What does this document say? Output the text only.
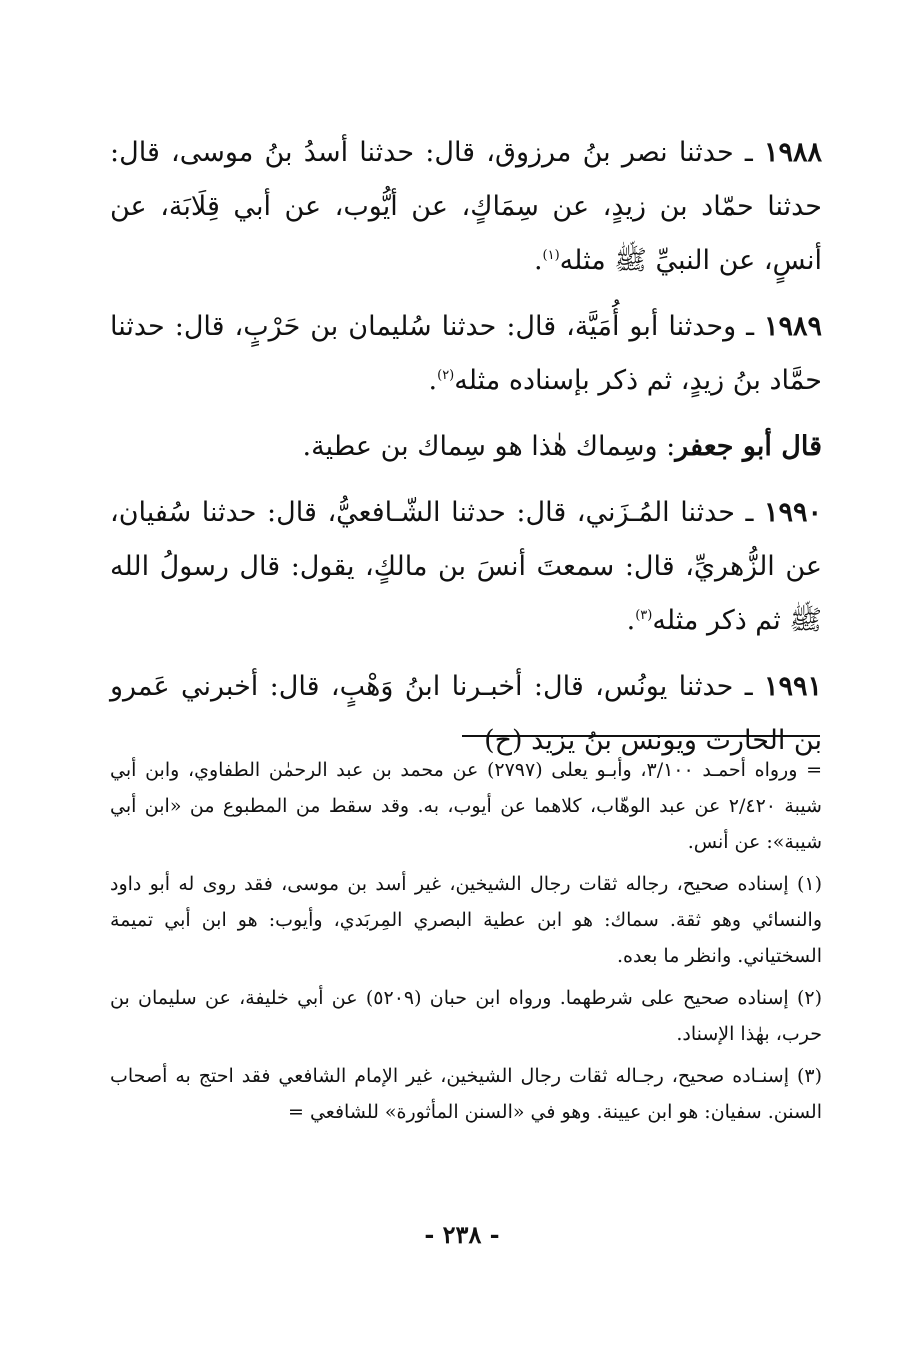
١٩٨٨ ـ حدثنا نصر بنُ مرزوق، قال: حدثنا أسدُ بنُ موسى، قال: حدثنا حمّاد بن زيدٍ، عن سِمَاكٍ، عن أيُّوب، عن أبي قِلَابَة، عن أنسٍ، عن النبيِّ ﷺ مثله$^{(١)}$.

١٩٨٩ ـ وحدثنا أبو أُمَيَّة، قال: حدثنا سُليمان بن حَرْبٍ، قال: حدثنا حمَّاد بنُ زيدٍ، ثم ذكر بإسناده مثله$^{(٢)}$.

قال أبو جعفر: وسِماك هٰذا هو سِماك بن عطية.

١٩٩٠ ـ حدثنا المُـزَني، قال: حدثنا الشّـافعيُّ، قال: حدثنا سُفيان، عن الزُّهريِّ، قال: سمعتَ أنسَ بن مالكٍ، يقول: قال رسولُ الله ﷺ ثم ذكر مثله$^{(٣)}$.

١٩٩١ ـ حدثنا يونُس، قال: أخبـرنا ابنُ وَهْبٍ، قال: أخبرني عَمرو بن الحارث ويونس بنُ يزيد (ح)

= ورواه أحمـد ٣/١٠٠، وأبـو يعلى (٢٧٩٧) عن محمد بن عبد الرحمٰن الطفاوي، وابن أبي شيبة ٢/٤٢٠ عن عبد الوهّاب، كلاهما عن أيوب، به. وقد سقط من المطبوع من «ابن أبي شيبة»: عن أنس.

(١) إسناده صحيح، رجاله ثقات رجال الشيخين، غير أسد بن موسى، فقد روى له أبو داود والنسائي وهو ثقة. سماك: هو ابن عطية البصري المِربَدي، وأيوب: هو ابن أبي تميمة السختياني. وانظر ما بعده.

(٢) إسناده صحيح على شرطهما. ورواه ابن حبان (٥٢٠٩) عن أبي خليفة، عن سليمان بن حرب، بهٰذا الإسناد.

(٣) إسنـاده صحيح، رجـاله ثقات رجال الشيخين، غير الإمام الشافعي فقد احتج به أصحاب السنن. سفيان: هو ابن عيينة. وهو في «السنن المأثورة» للشافعي =

- ٢٣٨ -
